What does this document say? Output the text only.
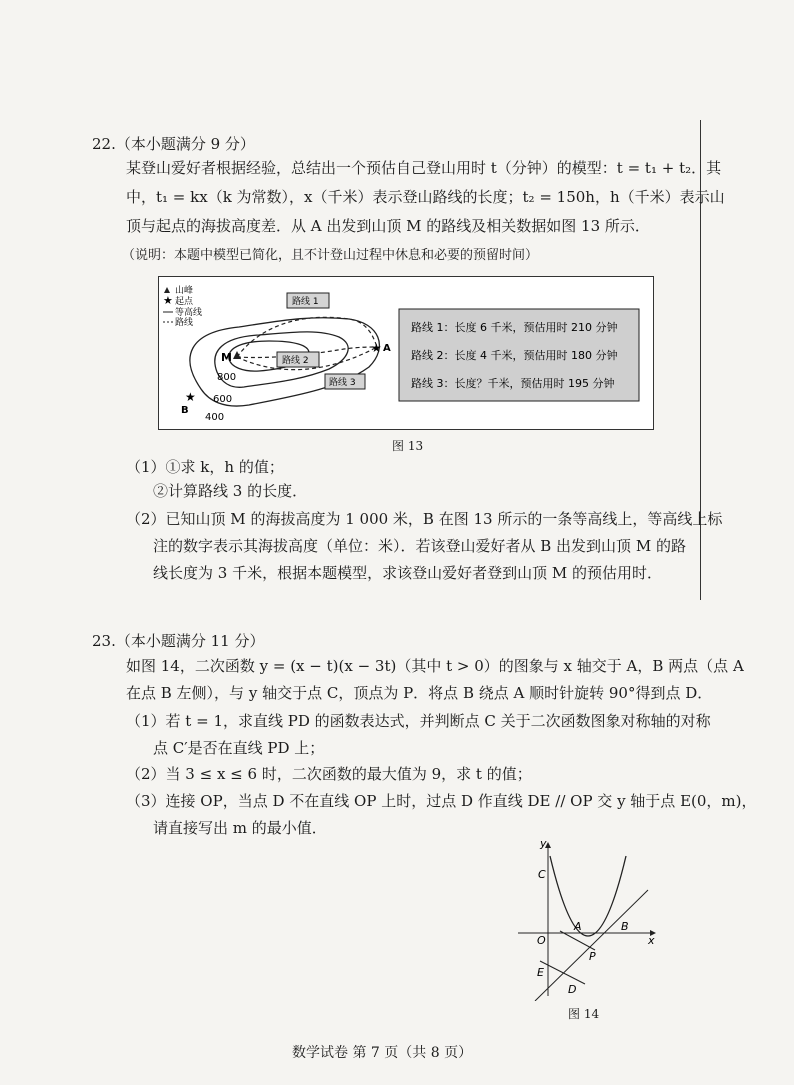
22.（本小题满分 9 分）
某登山爱好者根据经验，总结出一个预估自己登山用时 t（分钟）的模型：t = t₁ + t₂．其
中，t₁ = kx（k 为常数），x（千米）表示登山路线的长度；t₂ = 150h，h（千米）表示山
顶与起点的海拔高度差．从 A 出发到山顶 M 的路线及相关数据如图 13 所示．
（说明：本题中模型已简化，且不计登山过程中休息和必要的预留时间）
山峰
★ 起点
等高线
路线
M
★ A
★
B
800
600
400
路线 1
路线 2
路线 3
路线 1：长度 6 千米，预估用时 210 分钟
路线 2：长度 4 千米，预估用时 180 分钟
路线 3：长度？千米，预估用时 195 分钟
图 13
（1）①求 k，h 的值；
②计算路线 3 的长度．
（2）已知山顶 M 的海拔高度为 1 000 米，B 在图 13 所示的一条等高线上，等高线上标
注的数字表示其海拔高度（单位：米）．若该登山爱好者从 B 出发到山顶 M 的路
线长度为 3 千米，根据本题模型，求该登山爱好者登到山顶 M 的预估用时．
23.（本小题满分 11 分）
如图 14，二次函数 y = (x − t)(x − 3t)（其中 t > 0）的图象与 x 轴交于 A，B 两点（点 A
在点 B 左侧），与 y 轴交于点 C，顶点为 P．将点 B 绕点 A 顺时针旋转 90°得到点 D．
（1）若 t = 1，求直线 PD 的函数表达式，并判断点 C 关于二次函数图象对称轴的对称
点 C′是否在直线 PD 上；
（2）当 3 ≤ x ≤ 6 时，二次函数的最大值为 9，求 t 的值；
（3）连接 OP，当点 D 不在直线 OP 上时，过点 D 作直线 DE // OP 交 y 轴于点 E(0，m)，
请直接写出 m 的最小值．
y
x
O
C
A	B
P
E
D
图 14
数学试卷 第 7 页（共 8 页）
